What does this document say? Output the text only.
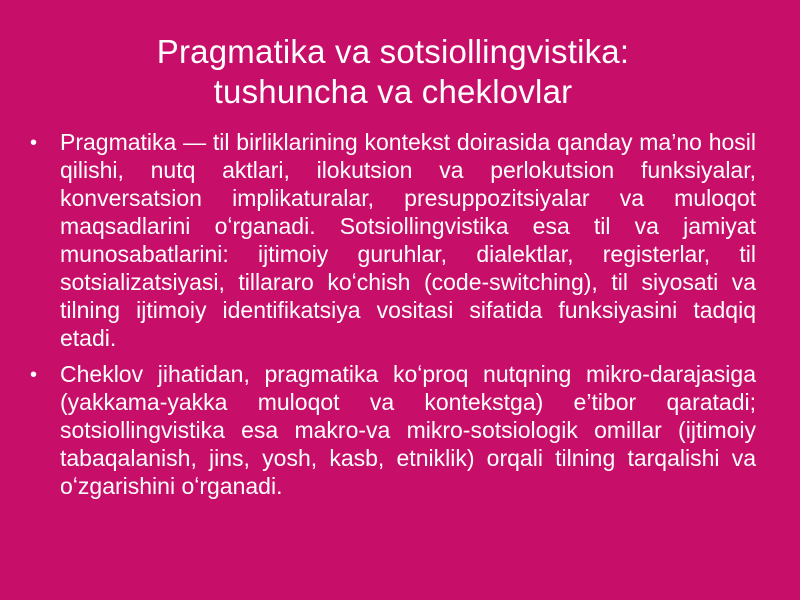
Pragmatika va sotsiollingvistika:
tushuncha va cheklovlar
• Pragmatika — til birliklarining kontekst doirasida qanday ma’no hosil qilishi, nutq aktlari, ilokutsion va perlokutsion funksiyalar, konversatsion implikaturalar, presuppozitsiyalar va muloqot maqsadlarini oʻrganadi. Sotsiollingvistika esa til va jamiyat munosabatlarini: ijtimoiy guruhlar, dialektlar, registerlar, til sotsializatsiyasi, tillararo koʻchish (code-switching), til siyosati va tilning ijtimoiy identifikatsiya vositasi sifatida funksiyasini tadqiq etadi.
• Cheklov jihatidan, pragmatika koʻproq nutqning mikro-darajasiga (yakkama-yakka muloqot va kontekstga) e’tibor qaratadi; sotsiollingvistika esa makro-va mikro-sotsiologik omillar (ijtimoiy tabaqalanish, jins, yosh, kasb, etniklik) orqali tilning tarqalishi va oʻzgarishini oʻrganadi.
